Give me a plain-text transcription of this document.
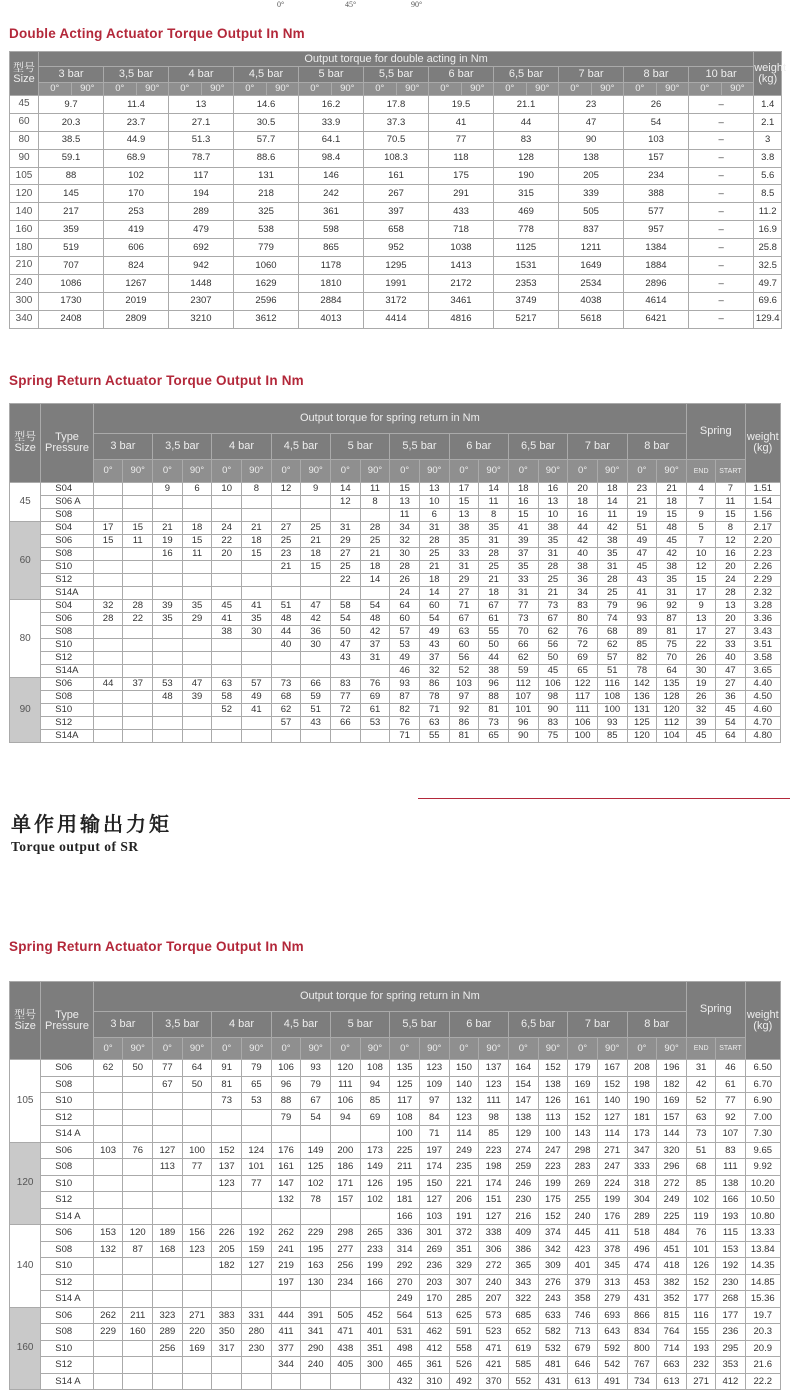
0°	45°	90°
Double Acting Actuator Torque Output In Nm
型号
Size	Output torque for double acting in Nm																						weight
(kg)
	3 bar		3,5 bar		4 bar		4,5 bar		5 bar		5,5 bar		6 bar		6,5 bar		7 bar		8 bar		10 bar		
	0°	90°	0°	90°	0°	90°	0°	90°	0°	90°	0°	90°	0°	90°	0°	90°	0°	90°	0°	90°	0°	90°	
45	9.7		11.4		13		14.6		16.2		17.8		19.5		21.1		23		26		–		1.4
60	20.3		23.7		27.1		30.5		33.9		37.3		41		44		47		54		–		2.1
80	38.5		44.9		51.3		57.7		64.1		70.5		77		83		90		103		–		3
90	59.1		68.9		78.7		88.6		98.4		108.3		118		128		138		157		–		3.8
105	88		102		117		131		146		161		175		190		205		234		–		5.6
120	145		170		194		218		242		267		291		315		339		388		–		8.5
140	217		253		289		325		361		397		433		469		505		577		–		11.2
160	359		419		479		538		598		658		718		778		837		957		–		16.9
180	519		606		692		779		865		952		1038		1125		1211		1384		–		25.8
210	707		824		942		1060		1178		1295		1413		1531		1649		1884		–		32.5
240	1086		1267		1448		1629		1810		1991		2172		2353		2534		2896		–		49.7
300	1730		2019		2307		2596		2884		3172		3461		3749		4038		4614		–		69.6
340	2408		2809		3210		3612		4013		4414		4816		5217		5618		6421		–		129.4
Spring Return Actuator Torque Output In Nm
型号
Size	Type
Pressure	Output torque for spring return in Nm																				Spring		weight
(kg)
		3 bar		3,5 bar		4 bar		4,5 bar		5 bar		5,5 bar		6 bar		6,5 bar		7 bar		8 bar				
		0°	90°	0°	90°	0°	90°	0°	90°	0°	90°	0°	90°	0°	90°	0°	90°	0°	90°	0°	90°	END	START	
45	S04			9	6	10	8	12	9	14	11	15	13	17	14	18	16	20	18	23	21	4	7	1.51
	S06 A									12	8	13	10	15	11	16	13	18	14	21	18	7	11	1.54
	S08											11	6	13	8	15	10	16	11	19	15	9	15	1.56
60	S04	17	15	21	18	24	21	27	25	31	28	34	31	38	35	41	38	44	42	51	48	5	8	2.17
	S06	15	11	19	15	22	18	25	21	29	25	32	28	35	31	39	35	42	38	49	45	7	12	2.20
	S08			16	11	20	15	23	18	27	21	30	25	33	28	37	31	40	35	47	42	10	16	2.23
	S10							21	15	25	18	28	21	31	25	35	28	38	31	45	38	12	20	2.26
	S12									22	14	26	18	29	21	33	25	36	28	43	35	15	24	2.29
	S14A											24	14	27	18	31	21	34	25	41	31	17	28	2.32
80	S04	32	28	39	35	45	41	51	47	58	54	64	60	71	67	77	73	83	79	96	92	9	13	3.28
	S06	28	22	35	29	41	35	48	42	54	48	60	54	67	61	73	67	80	74	93	87	13	20	3.36
	S08					38	30	44	36	50	42	57	49	63	55	70	62	76	68	89	81	17	27	3.43
	S10							40	30	47	37	53	43	60	50	66	56	72	62	85	75	22	33	3.51
	S12									43	31	49	37	56	44	62	50	69	57	82	70	26	40	3.58
	S14A											46	32	52	38	59	45	65	51	78	64	30	47	3.65
90	S06	44	37	53	47	63	57	73	66	83	76	93	86	103	96	112	106	122	116	142	135	19	27	4.40
	S08			48	39	58	49	68	59	77	69	87	78	97	88	107	98	117	108	136	128	26	36	4.50
	S10					52	41	62	51	72	61	82	71	92	81	101	90	111	100	131	120	32	45	4.60
	S12							57	43	66	53	76	63	86	73	96	83	106	93	125	112	39	54	4.70
	S14A											71	55	81	65	90	75	100	85	120	104	45	64	4.80
单作用输出力矩
Torque output of SR
Spring Return Actuator Torque Output In Nm
型号
Size	Type
Pressure	Output torque for spring return in Nm																				Spring		weight
(kg)
		3 bar		3,5 bar		4 bar		4,5 bar		5 bar		5,5 bar		6 bar		6,5 bar		7 bar		8 bar				
		0°	90°	0°	90°	0°	90°	0°	90°	0°	90°	0°	90°	0°	90°	0°	90°	0°	90°	0°	90°	END	START	
105	S06	62	50	77	64	91	79	106	93	120	108	135	123	150	137	164	152	179	167	208	196	31	46	6.50
	S08			67	50	81	65	96	79	111	94	125	109	140	123	154	138	169	152	198	182	42	61	6.70
	S10					73	53	88	67	106	85	117	97	132	111	147	126	161	140	190	169	52	77	6.90
	S12							79	54	94	69	108	84	123	98	138	113	152	127	181	157	63	92	7.00
	S14 A											100	71	114	85	129	100	143	114	173	144	73	107	7.30
120	S06	103	76	127	100	152	124	176	149	200	173	225	197	249	223	274	247	298	271	347	320	51	83	9.65
	S08			113	77	137	101	161	125	186	149	211	174	235	198	259	223	283	247	333	296	68	111	9.92
	S10					123	77	147	102	171	126	195	150	221	174	246	199	269	224	318	272	85	138	10.20
	S12							132	78	157	102	181	127	206	151	230	175	255	199	304	249	102	166	10.50
	S14 A											166	103	191	127	216	152	240	176	289	225	119	193	10.80
140	S06	153	120	189	156	226	192	262	229	298	265	336	301	372	338	409	374	445	411	518	484	76	115	13.33
	S08	132	87	168	123	205	159	241	195	277	233	314	269	351	306	386	342	423	378	496	451	101	153	13.84
	S10					182	127	219	163	256	199	292	236	329	272	365	309	401	345	474	418	126	192	14.35
	S12							197	130	234	166	270	203	307	240	343	276	379	313	453	382	152	230	14.85
	S14 A											249	170	285	207	322	243	358	279	431	352	177	268	15.36
160	S06	262	211	323	271	383	331	444	391	505	452	564	513	625	573	685	633	746	693	866	815	116	177	19.7
	S08	229	160	289	220	350	280	411	341	471	401	531	462	591	523	652	582	713	643	834	764	155	236	20.3
	S10			256	169	317	230	377	290	438	351	498	412	558	471	619	532	679	592	800	714	193	295	20.9
	S12							344	240	405	300	465	361	526	421	585	481	646	542	767	663	232	353	21.6
	S14 A											432	310	492	370	552	431	613	491	734	613	271	412	22.2
